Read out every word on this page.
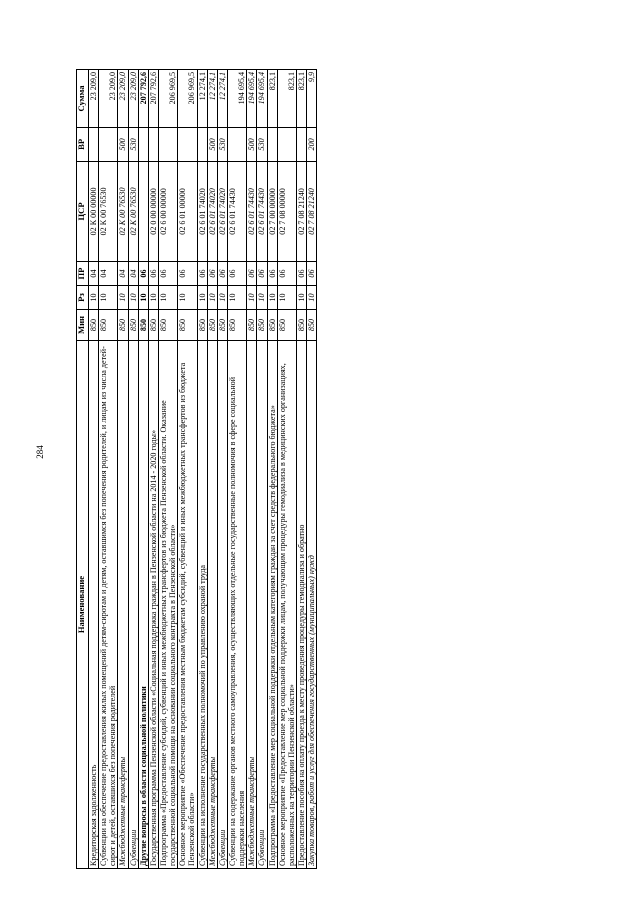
284
Наименование	Мин	Рз	ПР	ЦСР	ВР	Сумма
Кредиторская задолженность	850	10	04	02 К 00 00000		23 209,0
Субвенции на обеспечение предоставления жилых помещений детям-сиротам и детям, оставшимся без попечения родителей, и лицам из числа детей-сирот и детей, оставшихся без попечения родителей	850	10	04	02 К 00 76530		23 209,0
Межбюджетные трансферты	850	10	04	02 К 00 76530	500	23 209,0
Субвенции	850	10	04	02 К 00 76530	530	23 209,0
Другие вопросы в области социальной политики	850	10	06			207 792,6
Государственная программа Пензенской области «Социальная поддержка граждан в Пензенской области на 2014 - 2020 годы»	850	10	06	02 0 00 00000		207 792,6
Подпрограмма «Предоставление субсидий, субвенций и иных межбюджетных трансфертов из бюджета Пензенской области. Оказание государственной социальной помощи на основании социального контракта в Пензенской области»	850	10	06	02 6 00 00000		206 969,5
Основное мероприятие «Обеспечение предоставления местным бюджетам субсидий, субвенций и иных межбюджетных трансфертов из бюджета Пензенской области»	850	10	06	02 6 01 00000		206 969,5
Субвенции на исполнение государственных полномочий по управлению охраной труда	850	10	06	02 6 01 74020		12 274,1
Межбюджетные трансферты	850	10	06	02 6 01 74020	500	12 274,1
Субвенции	850	10	06	02 6 01 74020	530	12 274,1
Субвенции на содержание органов местного самоуправления, осуществляющих отдельные государственные полномочия в сфере социальной поддержки населения	850	10	06	02 6 01 74430		194 695,4
Межбюджетные трансферты	850	10	06	02 6 01 74430	500	194 695,4
Субвенции	850	10	06	02 6 01 74430	530	194 695,4
Подпрограмма «Предоставление мер социальной поддержки отдельным категориям граждан за счет средств федерального бюджета»	850	10	06	02 7 00 00000		823,1
Основное мероприятие «Предоставление мер социальной поддержки лицам, получающим процедуры гемодиализа в медицинских организациях, расположенных на территории Пензенской области»	850	10	06	02 7 08 00000		823,1
Предоставление пособия на оплату проезда к месту проведения процедуры гемодиализа и обратно	850	10	06	02 7 08 21240		823,1
Закупка товаров, работ и услуг для обеспечения государственных (муниципальных) нужд	850	10	06	02 7 08 21240	200	9,9
